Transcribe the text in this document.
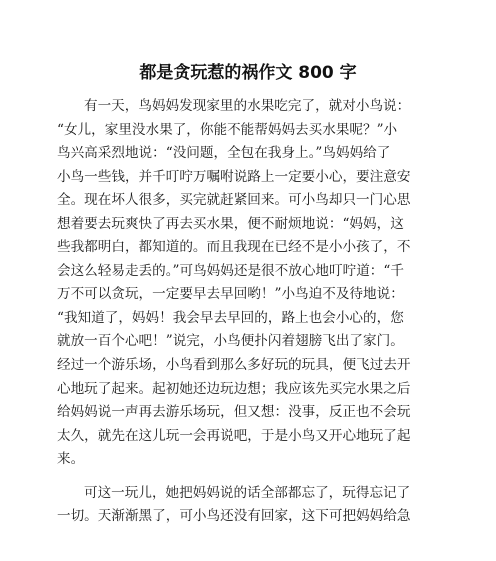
都是贪玩惹的祸作文 800 字
有一天，鸟妈妈发现家里的水果吃完了，就对小鸟说：
“女儿，家里没水果了，你能不能帮妈妈去买水果呢？”小
鸟兴高采烈地说：“没问题，全包在我身上。”鸟妈妈给了
小鸟一些钱，并千叮咛万嘱咐说路上一定要小心，要注意安
全。现在坏人很多，买完就赶紧回来。可小鸟却只一门心思
想着要去玩爽快了再去买水果，便不耐烦地说：“妈妈，这
些我都明白，都知道的。而且我现在已经不是小小孩了，不
会这么轻易走丢的。”可鸟妈妈还是很不放心地叮咛道：“千
万不可以贪玩，一定要早去早回哟！”小鸟迫不及待地说：
“我知道了，妈妈！我会早去早回的，路上也会小心的，您
就放一百个心吧！”说完，小鸟便扑闪着翅膀飞出了家门。
经过一个游乐场，小鸟看到那么多好玩的玩具，便飞过去开
心地玩了起来。起初她还边玩边想；我应该先买完水果之后
给妈妈说一声再去游乐场玩，但又想：没事，反正也不会玩
太久，就先在这儿玩一会再说吧，于是小鸟又开心地玩了起
来。
可这一玩儿，她把妈妈说的话全部都忘了，玩得忘记了
一切。天渐渐黑了，可小鸟还没有回家，这下可把妈妈给急
